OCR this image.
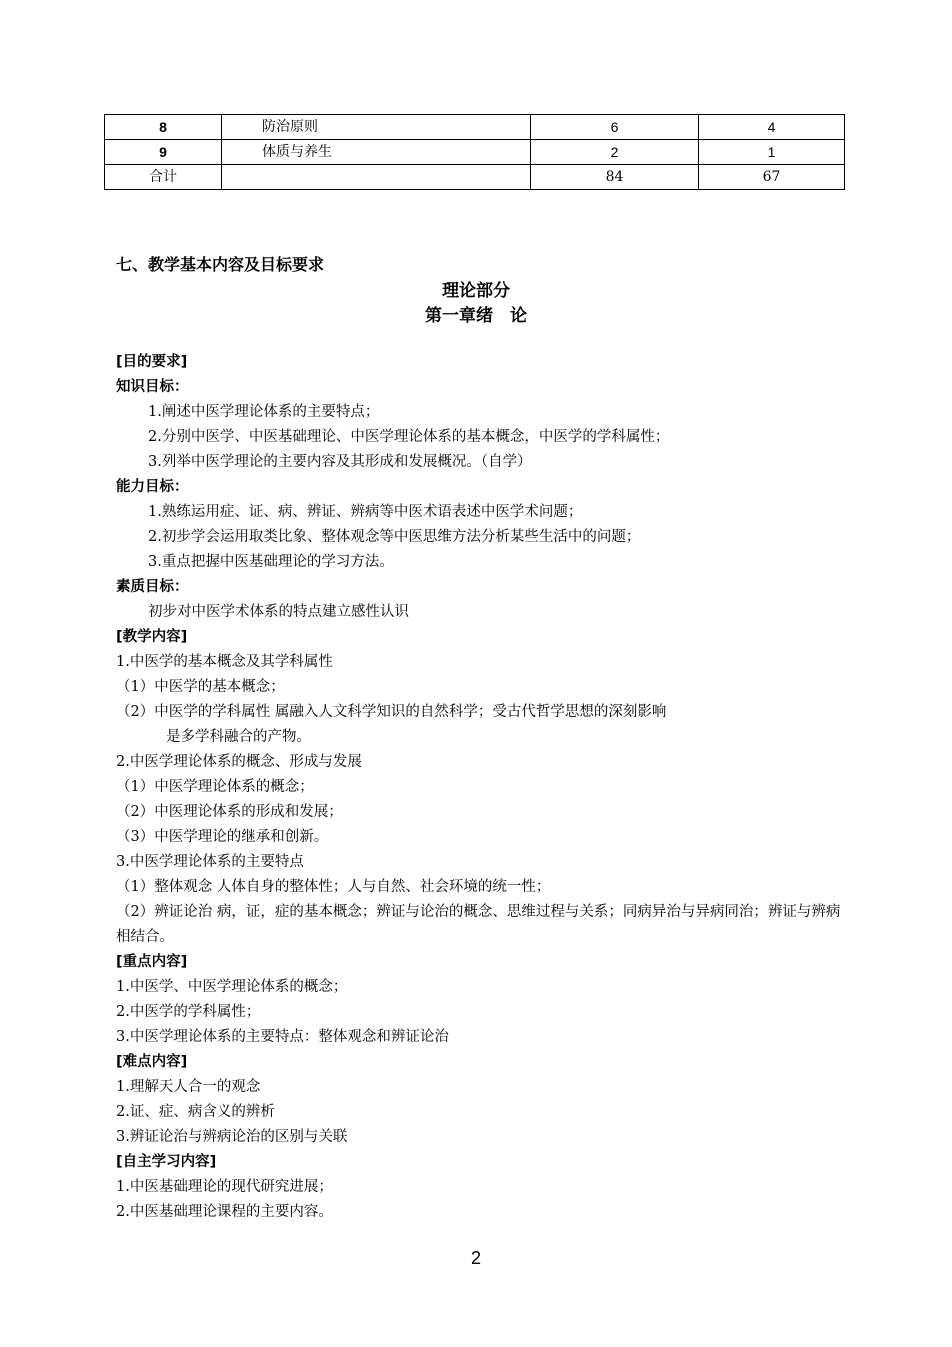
8	防治原则	6	4
9	体质与养生	2	1
合计		84	67
七、教学基本内容及目标要求
理论部分
第一章绪　论
[目的要求]
知识目标：
1.阐述中医学理论体系的主要特点；
2.分别中医学、中医基础理论、中医学理论体系的基本概念，中医学的学科属性；
3.列举中医学理论的主要内容及其形成和发展概况。（自学）
能力目标：
1.熟练运用症、证、病、辨证、辨病等中医术语表述中医学术问题；
2.初步学会运用取类比象、整体观念等中医思维方法分析某些生活中的问题；
3.重点把握中医基础理论的学习方法。
素质目标：
初步对中医学术体系的特点建立感性认识
[教学内容]
1.中医学的基本概念及其学科属性
（1）中医学的基本概念；
（2）中医学的学科属性 属融入人文科学知识的自然科学；受古代哲学思想的深刻影响
是多学科融合的产物。
2.中医学理论体系的概念、形成与发展
（1）中医学理论体系的概念；
（2）中医理论体系的形成和发展；
（3）中医学理论的继承和创新。
3.中医学理论体系的主要特点
（1）整体观念 人体自身的整体性；人与自然、社会环境的统一性；
（2）辨证论治 病，证，症的基本概念；辨证与论治的概念、思维过程与关系；同病异治与异病同治；辨证与辨病相结合。
[重点内容]
1.中医学、中医学理论体系的概念；
2.中医学的学科属性；
3.中医学理论体系的主要特点：整体观念和辨证论治
[难点内容]
1.理解天人合一的观念
2.证、症、病含义的辨析
3.辨证论治与辨病论治的区别与关联
[自主学习内容]
1.中医基础理论的现代研究进展；
2.中医基础理论课程的主要内容。
2
